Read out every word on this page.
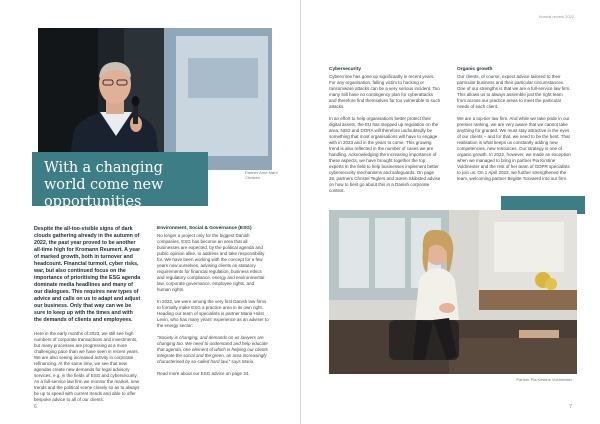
With a changing world come new opportunities
Partner Arne Møhl Christen

Despite the all-too-visible signs of dark clouds gathering already in the autumn of 2022, the past year proved to be another all-time high for Kromann Reumert. A year of marked growth, both in turnover and headcount. Financial turmoil, cyber risks, war, but also continued focus on the importance of prioritising the ESG agenda dominate media headlines and many of our dialogues. This requires new types of advice and calls on us to adapt and adjust our business. Only that way can we be sure to keep up with the times and with the demands of clients and employees.

Here in the early months of 2023, we still see high numbers of corporate transactions and investments, but many processes are progressing at a more challenging pace than we have seen in recent years. We are also seeing increased activity in corporate refinancing. At the same time, we see that new agendas create new demands for legal advisory services, e.g. in the fields of ESG and cybersecurity. As a full-service law firm we monitor the market, new trends and the political scene closely so as to always be up to speed with current trends and able to offer bespoke advice to all of our clients.

Environment, Social & Governance (ESG)

No longer a project only for the biggest Danish companies, ESG has become an area that all businesses are expected, by the political agenda and public opinion alike, to address and take responsibility for. We have been working with the concept for a few years now ourselves, advising clients on statutory requirements for financial regulation, business ethics and regulatory compliance, energy and environmental law, corporate governance, employee rights, and human rights.

In 2022, we were among the very first Danish law firms to formally make ESG a practice area in its own right. Heading our team of specialists is partner Maria Holst Levin, who has many years' experience as an adviser to the energy sector:

"Society is changing, and demands on us lawyers are changing too. We need to understand and help educate that agenda, one element of which is helping our clients integrate the social and the green, an area increasingly characterised by so-called hard law," says Maria.

Read more about our ESG advice on page 34.

6
Annual review 2022

Cybersecurity

Cybercrime has gone up significantly in recent years. For any organisation, falling victim to hacking or ransomware attacks can be a very serious incident. Too many still have no contingency plan for cyberattacks and therefore find themselves far too vulnerable to such attacks.

In an effort to help organisations better protect their digital assets, the EU has stepped up regulation on the area. NIS2 and DORA will therefore undoubtedly be something that most organisations will have to engage with in 2023 and in the years to come. This growing trend is also reflected in the number of cases we are handling. Acknowledging the increasing importance of these aspects, we have brought together the top experts in the field to help businesses implement better cybersecurity mechanisms and safeguards. On page 28, partners Christel Teglers and Søren Skibsted advise on how to best go about this in a Danish corporate context.

Organic growth

Our clients, of course, expect advice tailored to their particular business and their particular circumstances. One of our strengths is that we are a full-service law firm. This allows us to always assemble just the right team from across our practice areas to meet the particular needs of each client.

We are a top-tier law firm. And while we take pride in our premier ranking, we are very aware that we cannot take anything for granted. We must stay attractive in the eyes of our clients – and for that, we need to be the best. That realisation is what keeps us constantly adding new competencies, new resources. Our strategy is one of organic growth. In 2022, however, we made an exception when we managed to bring in partner Pia Kirstine Voldmester and the rest of her team of GDPR specialists to join us. On 1 April 2023, we further strengthened the team, welcoming partner Birgitte Toxvaerd into our firm.

Partner Pia Kirstine Voldmester
7
